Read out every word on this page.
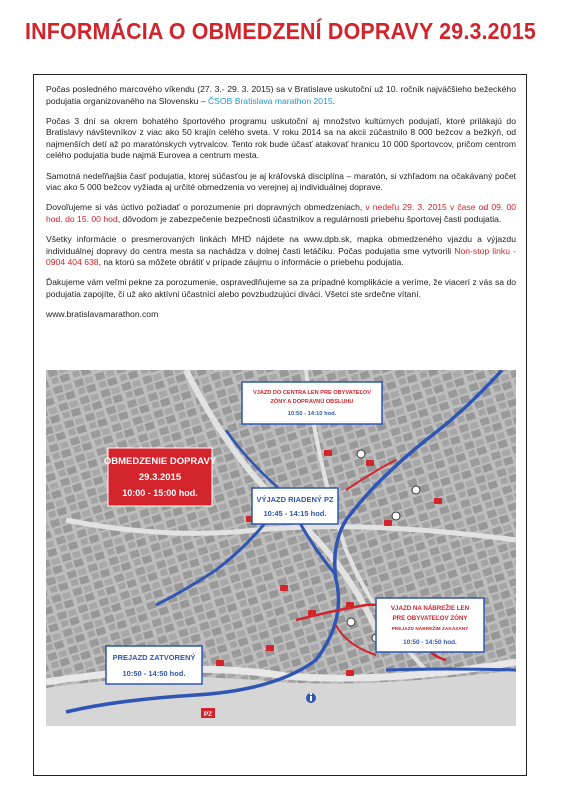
INFORMÁCIA O OBMEDZENÍ DOPRAVY 29.3.2015

Počas posledného marcového víkendu (27. 3.- 29. 3. 2015) sa v Bratislave uskutoční už 10. ročník najväčšieho bežeckého podujatia organizovaného na Slovensku – ČSOB Bratislava marathon 2015.

Počas 3 dní sa okrem bohatého športového programu uskutoční aj množstvo kultúrnych podujatí, ktoré prilákajú do Bratislavy návštevníkov z viac ako 50 krajín celého sveta. V roku 2014 sa na akcii zúčastnilo 8 000 bežcov a bežkýň, od najmenších detí až po maratónskych vytrvalcov. Tento rok bude účasť atakovať hranicu 10 000 športovcov, pričom centrom celého podujatia bude najmä Eurovea a centrum mesta.

Samotná nedeľňajšia časť podujatia, ktorej súčasťou je aj kráľovská disciplína – maratón, si vzhľadom na očakávaný počet viac ako 5 000 bežcov vyžiada aj určité obmedzenia vo verejnej aj individuálnej doprave.

Dovoľujeme si vás úctivo požiadať o porozumenie pri dopravných obmedzeniach, v nedeľu 29. 3. 2015 v čase od 09. 00 hod. do 15. 00 hod, dôvodom je zabezpečenie bezpečnosti účastníkov a regulárnosti priebehu športovej časti podujatia.

Všetky informácie o presmerovaných linkách MHD nájdete na www.dpb.sk, mapka obmedzeného vjazdu a výjazdu individuálnej dopravy do centra mesta sa nachádza v dolnej časti letáčiku. Počas podujatia sme vytvorili Non-stop linku - 0904 404 638, na ktorú sa môžete obrátiť v prípade záujmu o informácie o priebehu podujatia.

Ďakujeme vám veľmi pekne za porozumenie, ospravedlňujeme sa za prípadné komplikácie a veríme, že viacerí z vás sa do podujatia zapojíte, či už ako aktívni účastníci alebo povzbudzujúci diváci. Všetci ste srdečne vítaní.

www.bratislavamarathon.com

OBMEDZENIE DOPRAVY
29.3.2015
10:00 - 15:00 hod.
VJAZD DO CENTRA LEN PRE OBYVATEĽOV
ZÓNY A DOPRAVNÚ OBSLUHU
10:50 - 14:10 hod.
VÝJAZD RIADENÝ PZ
10:45 - 14:15 hod.
VJAZD NA NÁBREŽIE LEN
PRE OBYVATEĽOV ZÓNY
PREJAZD NÁBREŽÍM ZAKÁZANÝ
10:50 - 14:50 hod.
PREJAZD ZATVORENÝ
10:50 - 14:50 hod.
PZ
